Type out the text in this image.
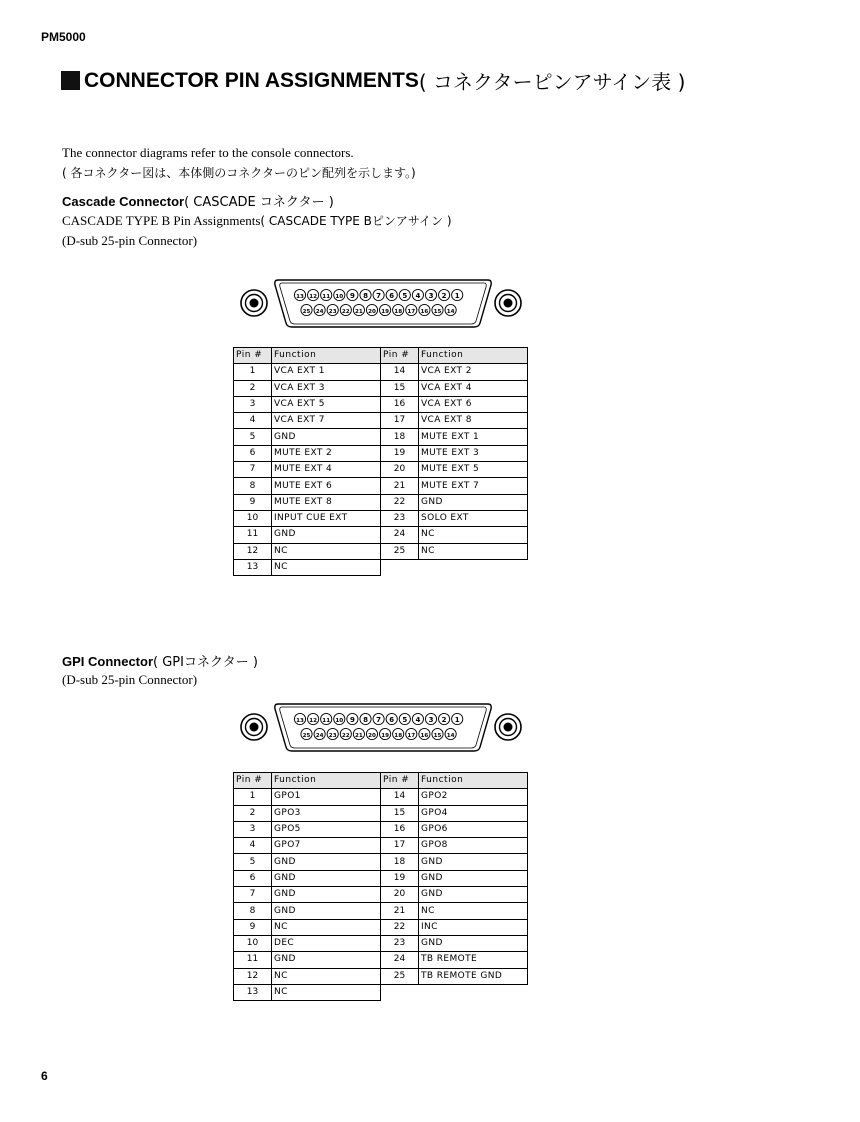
PM5000
CONNECTOR PIN ASSIGNMENTS ( コネクターピンアサイン表 )
The connector diagrams refer to the console connectors.
( 各コネクター図は、本体側のコネクターのピン配列を示します。)
Cascade Connector( CASCADE コネクター )
CASCADE TYPE B Pin Assignments( CASCADE TYPE Bピンアサイン )
(D-sub 25-pin Connector)
13 12 11 10 9 8 7 6 5 4 3 2 1
25 24 23 22 21 20 19 18 17 16 15 14
Pin #	Function	Pin #	Function
1	VCA EXT 1	14	VCA EXT 2
2	VCA EXT 3	15	VCA EXT 4
3	VCA EXT 5	16	VCA EXT 6
4	VCA EXT 7	17	VCA EXT 8
5	GND	18	MUTE EXT 1
6	MUTE EXT 2	19	MUTE EXT 3
7	MUTE EXT 4	20	MUTE EXT 5
8	MUTE EXT 6	21	MUTE EXT 7
9	MUTE EXT 8	22	GND
10	INPUT CUE EXT	23	SOLO EXT
11	GND	24	NC
12	NC	25	NC
13	NC		
GPI Connector( GPIコネクター )
(D-sub 25-pin Connector)
13 12 11 10 9 8 7 6 5 4 3 2 1
25 24 23 22 21 20 19 18 17 16 15 14
Pin #	Function	Pin #	Function
1	GPO1	14	GPO2
2	GPO3	15	GPO4
3	GPO5	16	GPO6
4	GPO7	17	GPO8
5	GND	18	GND
6	GND	19	GND
7	GND	20	GND
8	GND	21	NC
9	NC	22	INC
10	DEC	23	GND
11	GND	24	TB REMOTE
12	NC	25	TB REMOTE GND
13	NC		
6
